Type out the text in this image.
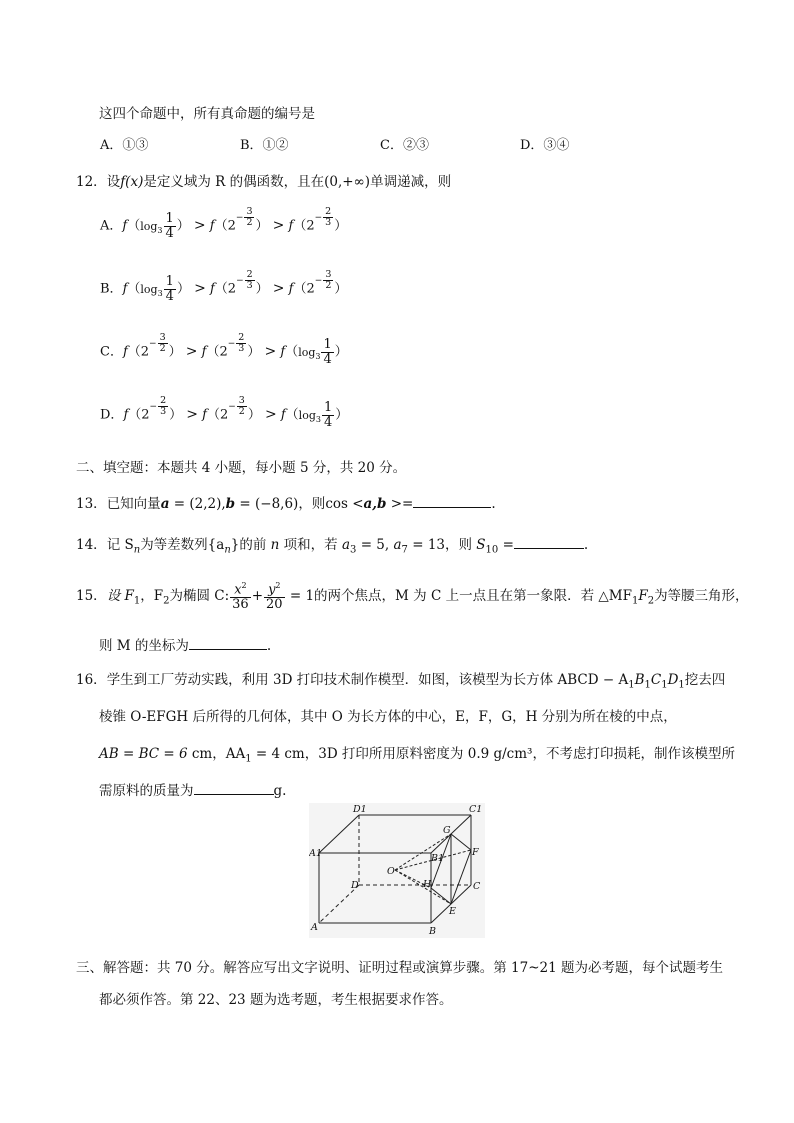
这四个命题中，所有真命题的编号是
A．①③	B．①②	C．②③	D．③④
12．设f(x)是定义域为 R 的偶函数，且在(0,+∞)单调递减，则
A．$f(\log_3 \frac{1}{4}$ ） > $f(2- \frac{3}{2}$ ） > $f(2- \frac{2}{3}$ ）
B．$f(\log_3 \frac{1}{4}$ ） > $f(2- \frac{2}{3}$ ） > $f(2- \frac{3}{2}$ ）
C．$f(2- \frac{3}{2}$ ） > $f(2- \frac{2}{3}$ ） > $f(\log_3 \frac{1}{4}$ ）
D．$f(2- \frac{2}{3}$ ） > $f(2- \frac{3}{2}$ ） > $f(\log_3 \frac{1}{4}$ ）
二、填空题：本题共 4 小题，每小题 5 分，共 20 分。
13．已知向量a = (2,2),b = (−8,6)，则cos <a,b >=	.
14．记 $S_n$为等差数列$\{a_n\}$的前 n 项和，若 $a_3 = 5$, $a_7 = 13$，则 $S_{10}$ =	.
15．设 $F_1$，$F_2$为椭圆 C: $\frac{x^2}{36} + \frac{y^2}{20} = 1$的两个焦点，M 为 C 上一点且在第一象限．若 $\triangle MF_1F_2$为等腰三角形，
则 M 的坐标为	.
16．学生到工厂劳动实践，利用 3D 打印技术制作模型．如图，该模型为长方体 ABCD − $A_1B_1C_1D_1$挖去四
棱锥 O-EFGH 后所得的几何体，其中 O 为长方体的中心，E，F，G，H 分别为所在棱的中点，
AB = BC = 6 cm，$AA_1 = 4$ cm，3D 打印所用原料密度为 0.9 g/cm³，不考虑打印损耗，制作该模型所
需原料的质量为	g.
D1	C1
A1
G
B1
F
O
H
D	C
E
A	B
三、解答题：共 70 分。解答应写出文字说明、证明过程或演算步骤。第 17~21 题为必考题，每个试题考生
都必须作答。第 22、23 题为选考题，考生根据要求作答。
